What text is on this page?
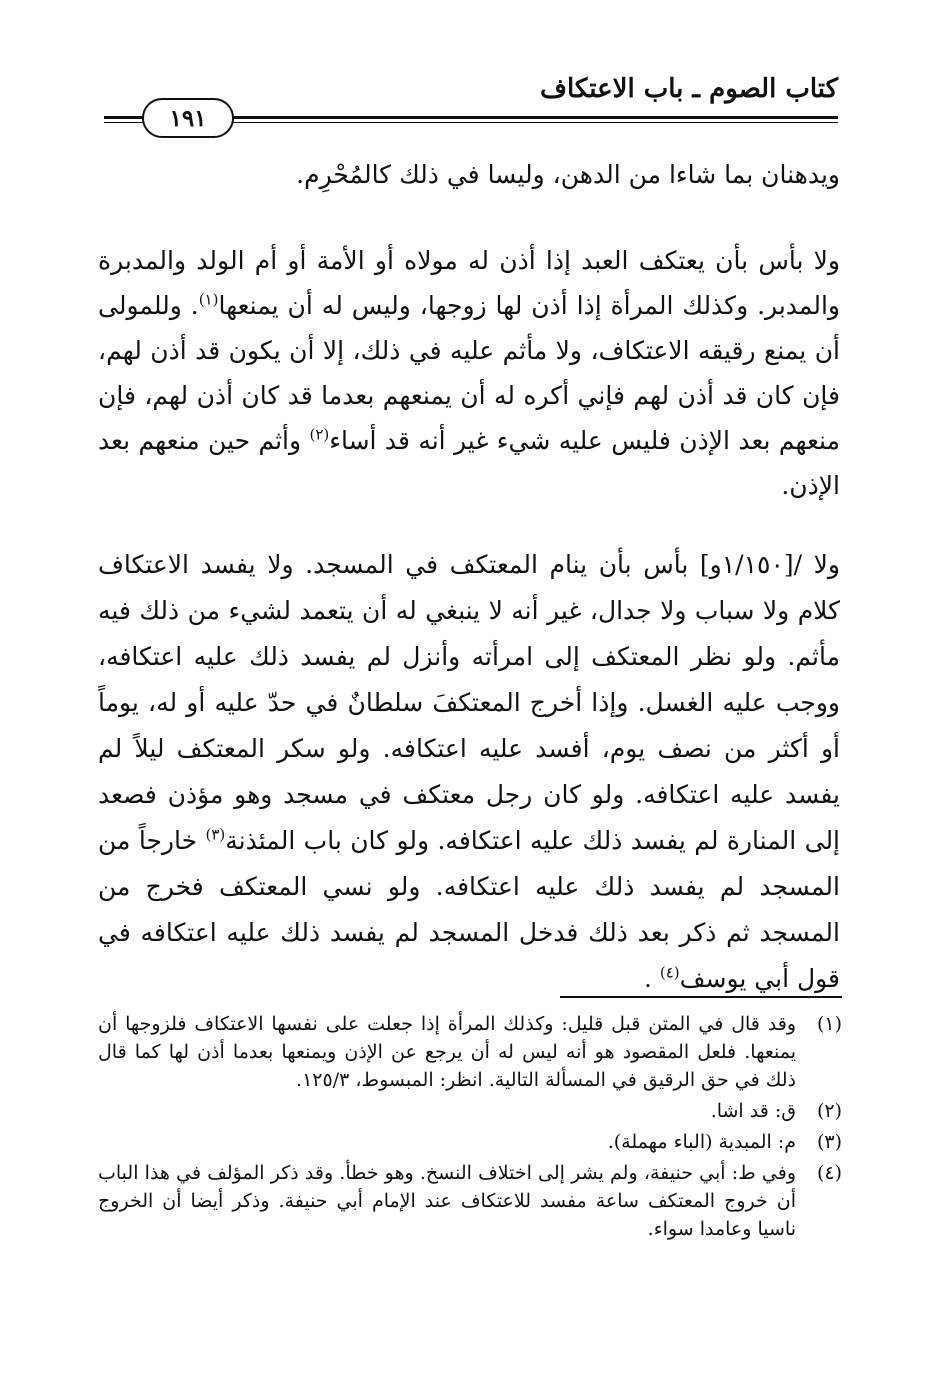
كتاب الصوم ـ باب الاعتكاف
١٩١
ويدهنان بما شاءا من الدهن، وليسا في ذلك كالمُحْرِم.
ولا بأس بأن يعتكف العبد إذا أذن له مولاه أو الأمة أو أم الولد والمدبرة والمدبر. وكذلك المرأة إذا أذن لها زوجها، وليس له أن يمنعها$^{(١)}$. وللمولى أن يمنع رقيقه الاعتكاف، ولا مأثم عليه في ذلك، إلا أن يكون قد أذن لهم، فإن كان قد أذن لهم فإني أكره له أن يمنعهم بعدما قد كان أذن لهم، فإن منعهم بعد الإذن فليس عليه شيء غير أنه قد أساء$^{(٢)}$ وأثم حين منعهم بعد الإذن.
ولا /[١/١٥٠و] بأس بأن ينام المعتكف في المسجد. ولا يفسد الاعتكاف كلام ولا سباب ولا جدال، غير أنه لا ينبغي له أن يتعمد لشيء من ذلك فيه مأثم. ولو نظر المعتكف إلى امرأته وأنزل لم يفسد ذلك عليه اعتكافه، ووجب عليه الغسل. وإذا أخرج المعتكفَ سلطانٌ في حدّ عليه أو له، يوماً أو أكثر من نصف يوم، أفسد عليه اعتكافه. ولو سكر المعتكف ليلاً لم يفسد عليه اعتكافه. ولو كان رجل معتكف في مسجد وهو مؤذن فصعد إلى المنارة لم يفسد ذلك عليه اعتكافه. ولو كان باب المئذنة$^{(٣)}$ خارجاً من المسجد لم يفسد ذلك عليه اعتكافه. ولو نسي المعتكف فخرج من المسجد ثم ذكر بعد ذلك فدخل المسجد لم يفسد ذلك عليه اعتكافه في قول أبي يوسف$^{(٤)}$ .
(١)
وقد قال في المتن قبل قليل: وكذلك المرأة إذا جعلت على نفسها الاعتكاف فلزوجها أن يمنعها. فلعل المقصود هو أنه ليس له أن يرجع عن الإذن ويمنعها بعدما أذن لها كما قال ذلك في حق الرقيق في المسألة التالية. انظر: المبسوط، ١٢٥/٣.
(٢)
ق: قد اشا.
(٣)
م: المبدية (الباء مهملة).
(٤)
وفي ط: أبي حنيفة، ولم يشر إلى اختلاف النسخ. وهو خطأ. وقد ذكر المؤلف في هذا الباب أن خروج المعتكف ساعة مفسد للاعتكاف عند الإمام أبي حنيفة. وذكر أيضا أن الخروج ناسيا وعامدا سواء.
